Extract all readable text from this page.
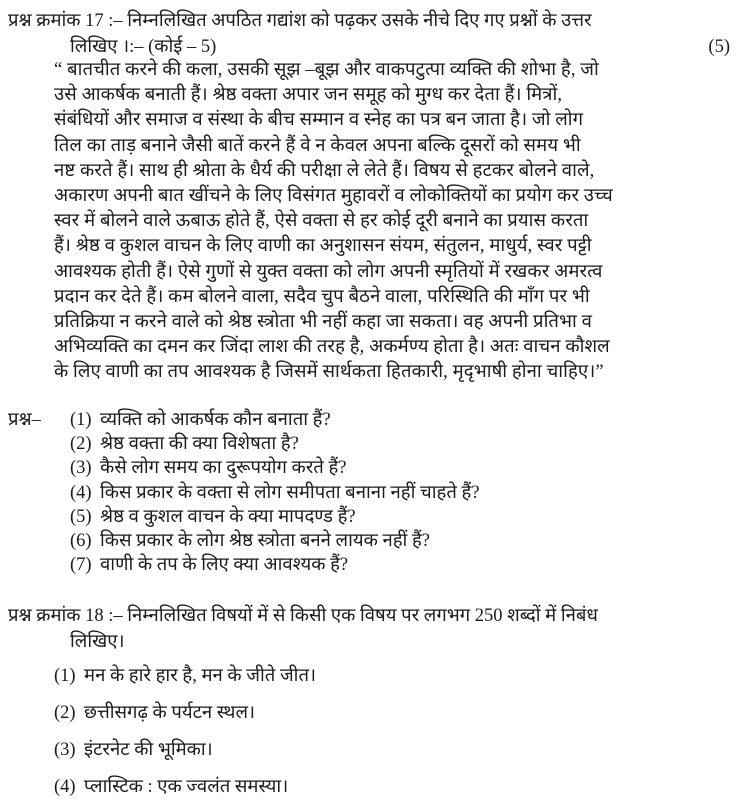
प्रश्न क्रमांक 17 :– निम्नलिखित अपठित गद्यांश को पढ़कर उसके नीचे दिए गए प्रश्नों के उत्तर
लिखिए ।:– (कोई – 5)	(5)
“ बातचीत करने की कला, उसकी सूझ –बूझ और वाकपटुत्पा व्यक्ति की शोभा है, जो
उसे आकर्षक बनाती हैं। श्रेष्ठ वक्ता अपार जन समूह को मुग्ध कर देता हैं। मित्रों,
संबंधियों और समाज व संस्था के बीच सम्मान व स्नेह का पत्र बन जाता है। जो लोग
तिल का ताड़ बनाने जैसी बातें करने हैं वे न केवल अपना बल्कि दूसरों को समय भी
नष्ट करते हैं। साथ ही श्रोता के धैर्य की परीक्षा ले लेते हैं। विषय से हटकर बोलने वाले,
अकारण अपनी बात खींचने के लिए विसंगत मुहावरों व लोकोक्तियों का प्रयोग कर उच्च
स्वर में बोलने वाले ऊबाऊ होते हैं, ऐसे वक्ता से हर कोई दूरी बनाने का प्रयास करता
हैं। श्रेष्ठ व कुशल वाचन के लिए वाणी का अनुशासन संयम, संतुलन, माधुर्य, स्वर पट्टी
आवश्यक होती हैं। ऐसे गुणों से युक्त वक्ता को लोग अपनी स्मृतियों में रखकर अमरत्व
प्रदान कर देते हैं। कम बोलने वाला, सदैव चुप बैठने वाला, परिस्थिति की माँग पर भी
प्रतिक्रिया न करने वाले को श्रेष्ठ स्त्रोता भी नहीं कहा जा सकता। वह अपनी प्रतिभा व
अभिव्यक्ति का दमन कर जिंदा लाश की तरह है, अकर्मण्य होता है। अतः वाचन कौशल
के लिए वाणी का तप आवश्यक है जिसमें सार्थकता हितकारी, मृदृभाषी होना चाहिए।”
प्रश्न– (1) व्यक्ति को आकर्षक कौन बनाता हैं?
(2) श्रेष्ठ वक्ता की क्या विशेषता है?
(3) कैसे लोग समय का दुरूपयोग करते हैं?
(4) किस प्रकार के वक्ता से लोग समीपता बनाना नहीं चाहते हैं?
(5) श्रेष्ठ व कुशल वाचन के क्या मापदण्ड हैं?
(6) किस प्रकार के लोग श्रेष्ठ स्त्रोता बनने लायक नहीं हैं?
(7) वाणी के तप के लिए क्या आवश्यक हैं?
प्रश्न क्रमांक 18 :– निम्नलिखित विषयों में से किसी एक विषय पर लगभग 250 शब्दों में निबंध
लिखिए।
(1) मन के हारे हार है, मन के जीते जीत।
(2) छत्तीसगढ़ के पर्यटन स्थल।
(3) इंटरनेट की भूमिका।
(4) प्लास्टिक : एक ज्वलंत समस्या।
